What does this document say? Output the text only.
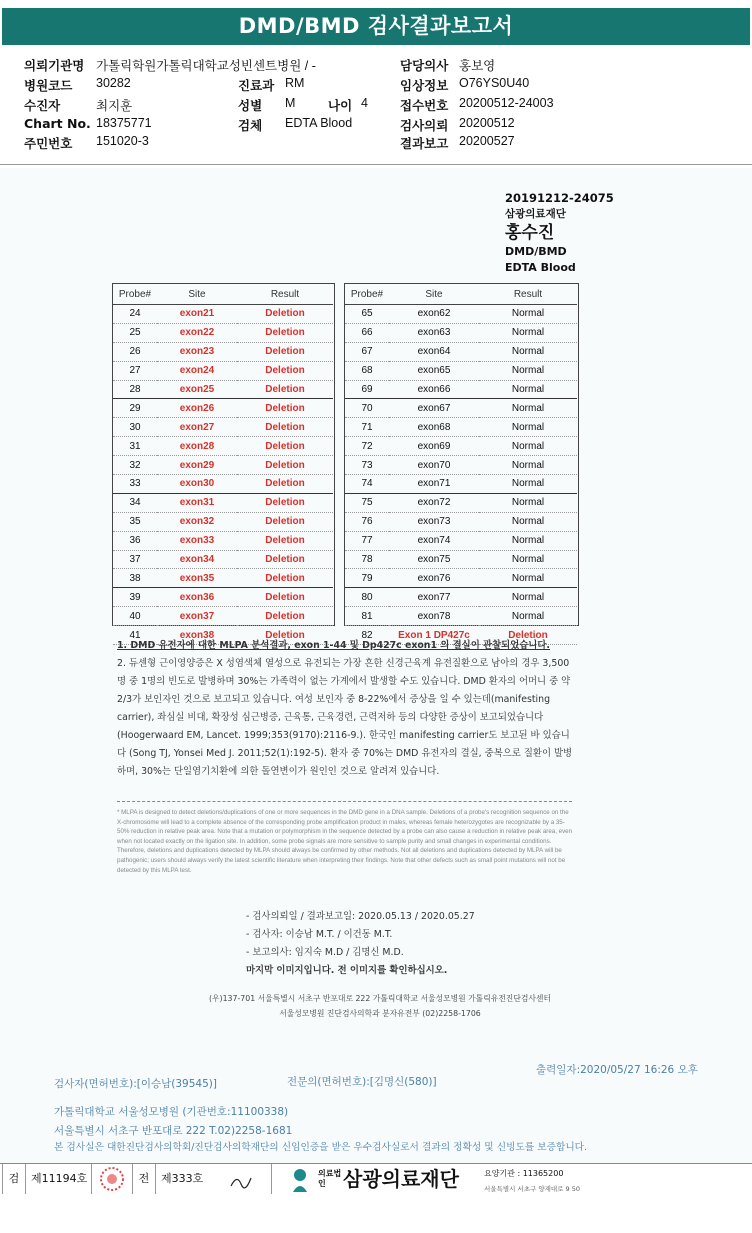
DMD/BMD 검사결과보고서
의뢰기관명 가톨릭학원가톨릭대학교성빈센트병원 / -	담당의사 홍보영
병원코드 30282	진료과 RM	임상정보 O76YS0U40
수진자	최지훈	성별 M	나이 4	접수번호 20200512-24003
Chart No. 18375771	검체 EDTA Blood	검사의뢰 20200512
주민번호 151020-3	결과보고 20200527
20191212-24075
삼광의료재단
홍수진
DMD/BMD
EDTA Blood
Probe#	Site	Result
24	exon21	Deletion
25	exon22	Deletion
26	exon23	Deletion
27	exon24	Deletion
28	exon25	Deletion
29	exon26	Deletion
30	exon27	Deletion
31	exon28	Deletion
32	exon29	Deletion
33	exon30	Deletion
34	exon31	Deletion
35	exon32	Deletion
36	exon33	Deletion
37	exon34	Deletion
38	exon35	Deletion
39	exon36	Deletion
40	exon37	Deletion
41	exon38	Deletion
Probe#	Site	Result
65	exon62	Normal
66	exon63	Normal
67	exon64	Normal
68	exon65	Normal
69	exon66	Normal
70	exon67	Normal
71	exon68	Normal
72	exon69	Normal
73	exon70	Normal
74	exon71	Normal
75	exon72	Normal
76	exon73	Normal
77	exon74	Normal
78	exon75	Normal
79	exon76	Normal
80	exon77	Normal
81	exon78	Normal
82	Exon 1 DP427c	Deletion
1. DMD 유전자에 대한 MLPA 분석결과, exon 1-44 및 Dp427c exon1 의 결실이 관찰되었습니다.
2. 듀센형 근이영양증은 X 성염색체 열성으로 유전되는 가장 흔한 신경근육계 유전질환으로 남아의 경우 3,500명 중 1명의 빈도로 발병하며 30%는 가족력이 없는 가계에서 발생할 수도 있습니다. DMD 환자의 어머니 중 약 2/3가 보인자인 것으로 보고되고 있습니다. 여성 보인자 중 8-22%에서 증상을 일 수 있는데(manifesting carrier), 좌심실 비대, 확장성 심근병증, 근육통, 근육경련, 근력저하 등의 다양한 증상이 보고되었습니다(Hoogerwaard EM, Lancet. 1999;353(9170):2116-9.). 한국인 manifesting carrier도 보고된 바 있습니다 (Song TJ, Yonsei Med J. 2011;52(1):192-5). 환자 중 70%는 DMD 유전자의 결실, 중복으로 질환이 발병하며, 30%는 단일염기치환에 의한 돌연변이가 원인인 것으로 알려져 있습니다.
* MLPA is designed to detect deletions/duplications of one or more sequences in the DMD gene in a DNA sample. Deletions of a probe's recognition sequence on the X-chromosome will lead to a complete absence of the corresponding probe amplification product in males, whereas female heterozygotes are recognizable by a 35-50% reduction in relative peak area. Note that a mutation or polymorphism in the sequence detected by a probe can also cause a reduction in relative peak area, even when not located exactly on the ligation site. In addition, some probe signals are more sensitive to sample purity and small changes in experimental conditions. Therefore, deletions and duplications detected by MLPA should always be confirmed by other methods. Not all deletions and duplications detected by MLPA will be pathogenic; users should always verify the latest scientific literature when interpreting their findings. Note that other defects such as small point mutations will not be detected by this MLPA test.
- 검사의뢰일 / 결과보고일: 2020.05.13 / 2020.05.27
- 검사자: 이승남 M.T. / 이건동 M.T.
- 보고의사: 임지숙 M.D / 김명신 M.D.
마지막 이미지입니다. 전 이미지를 확인하십시오.
(우)137-701 서울특별시 서초구 반포대로 222 가톨릭대학교 서울성모병원 가톨릭유전진단검사센터
서울성모병원 진단검사의학과 분자유전부 (02)2258-1706
출력일자:2020/05/27 16:26 오후
검사자(면허번호):[이승남(39545)]	전문의(면허번호):[김명신(580)]
가톨릭대학교 서울성모병원 (기관번호:11100338)
서울특별시 서초구 반포대로 222 T.02)2258-1681
본 검사실은 대한진단검사의학회/진단검사의학재단의 신임인증을 받은 우수검사실로서 결과의 정확성 및 신빙도를 보증합니다.
검	제11194호	전	제333호	의료법인 삼광의료재단	요양기관 : 11365200
서울특별시 서초구 양재대로 9 50
